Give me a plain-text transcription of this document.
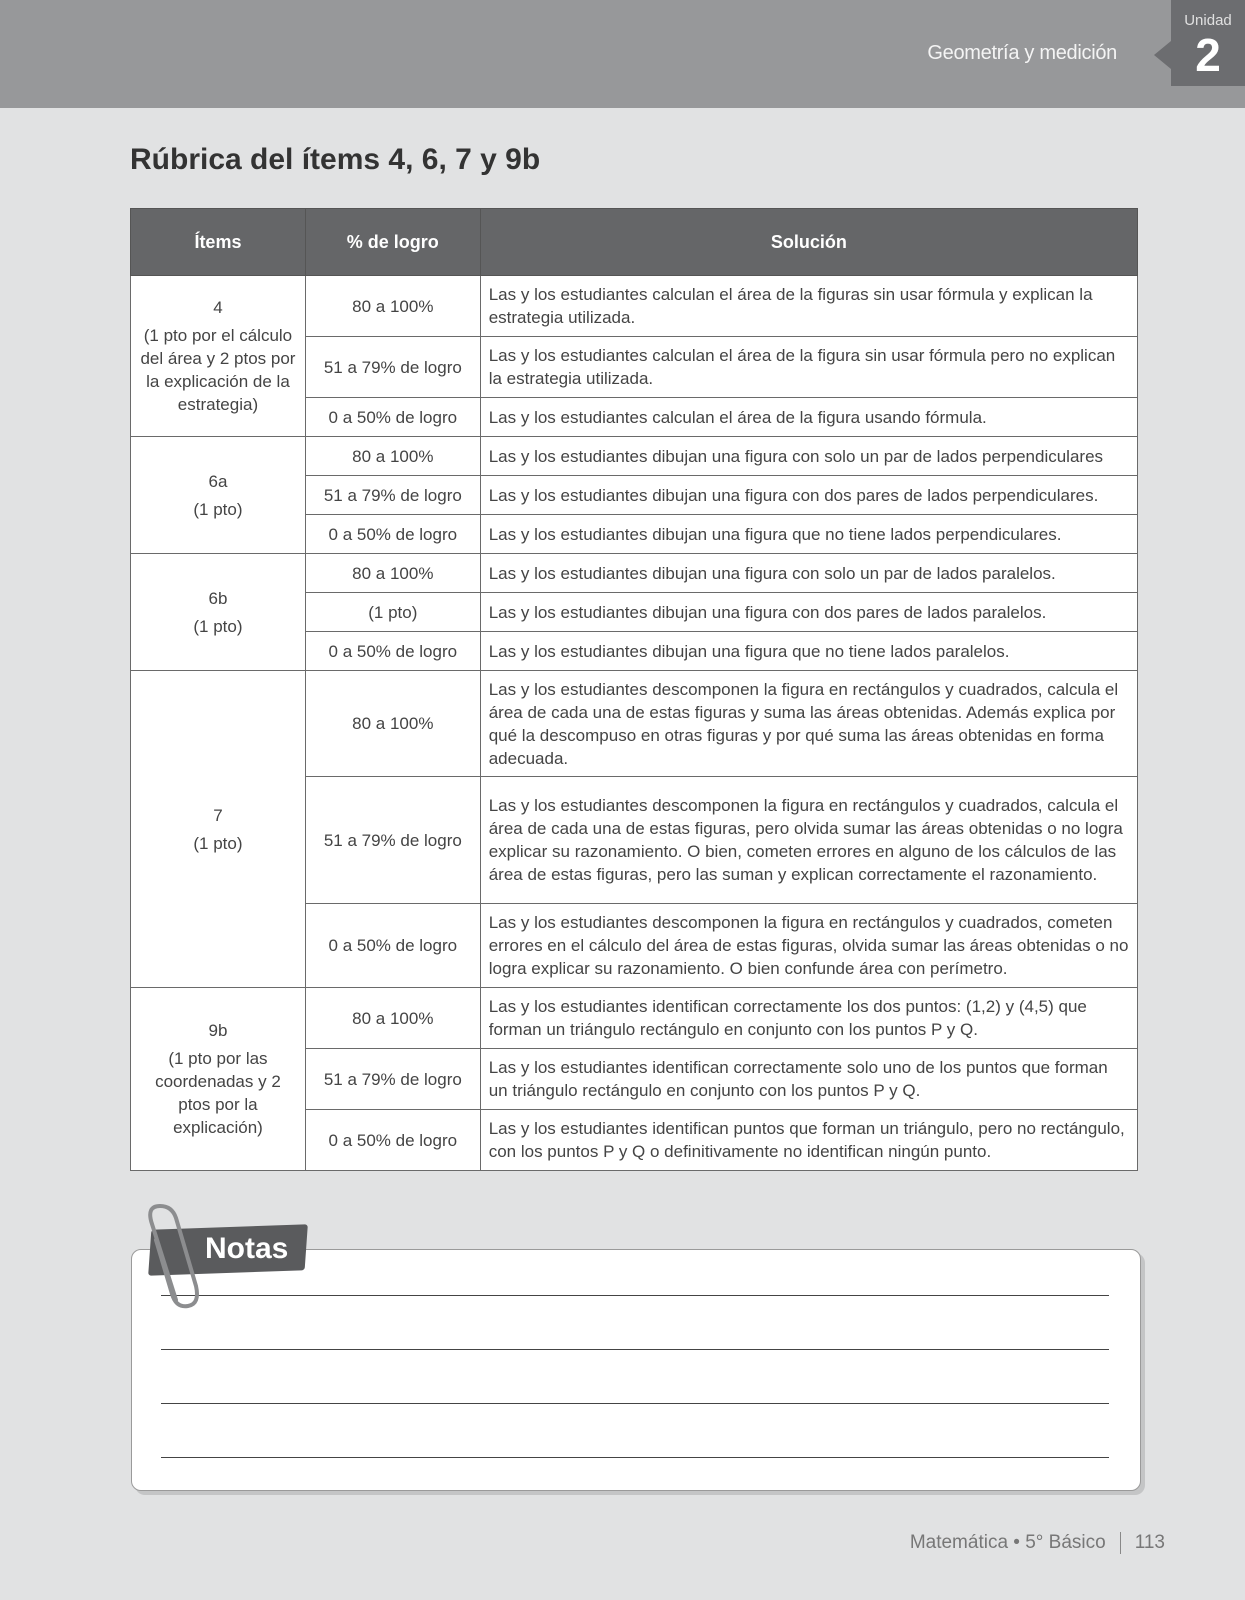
Geometría y medición
Unidad
2
Rúbrica del ítems 4, 6, 7 y 9b
Ítems	% de logro	Solución

4
(1 pto por el cálculo del área y 2 ptos por la explicación de la estrategia)	80 a 100%	Las y los estudiantes calculan el área de la figuras sin usar fórmula y explican la estrategia utilizada.
	51 a 79% de logro	Las y los estudiantes calculan el área de la figura sin usar fórmula pero no explican la estrategia utilizada.
	0 a 50% de logro	Las y los estudiantes calculan el área de la figura usando fórmula.

6a
(1 pto)	80 a 100%	Las y los estudiantes dibujan una figura con solo un par de lados perpendiculares
	51 a 79% de logro	Las y los estudiantes dibujan una figura con dos pares de lados perpendiculares.
	0 a 50% de logro	Las y los estudiantes dibujan una figura que no tiene lados perpendiculares.

6b
(1 pto)	80 a 100%	Las y los estudiantes dibujan una figura con solo un par de lados paralelos.
	(1 pto)	Las y los estudiantes dibujan una figura con dos pares de lados paralelos.
	0 a 50% de logro	Las y los estudiantes dibujan una figura que no tiene lados paralelos.

7
(1 pto)	80 a 100%	Las y los estudiantes descomponen la figura en rectángulos y cuadrados, calcula el área de cada una de estas figuras y suma las áreas obtenidas. Además explica por qué la descompuso en otras figuras y por qué suma las áreas obtenidas en forma adecuada.
	51 a 79% de logro	Las y los estudiantes descomponen la figura en rectángulos y cuadrados, calcula el área de cada una de estas figuras, pero olvida sumar las áreas obtenidas o no logra explicar su razonamiento. O bien, cometen errores en alguno de los cálculos de las área de estas figuras, pero las suman y explican correctamente el razonamiento.
	0 a 50% de logro	Las y los estudiantes descomponen la figura en rectángulos y cuadrados, cometen errores en el cálculo del área de estas figuras, olvida sumar las áreas obtenidas o no logra explicar su razonamiento. O bien confunde área con perímetro.

9b
(1 pto por las coordenadas y 2 ptos por la explicación)	80 a 100%	Las y los estudiantes identifican correctamente los dos puntos: (1,2) y (4,5) que forman un triángulo rectángulo en conjunto con los puntos P y Q.
	51 a 79% de logro	Las y los estudiantes identifican correctamente solo uno de los puntos que forman un triángulo rectángulo en conjunto con los puntos P y Q.
	0 a 50% de logro	Las y los estudiantes identifican puntos que forman un triángulo, pero no rectángulo, con los puntos P y Q o definitivamente no identifican ningún punto.
Notas
Matemática • 5° Básico 113
